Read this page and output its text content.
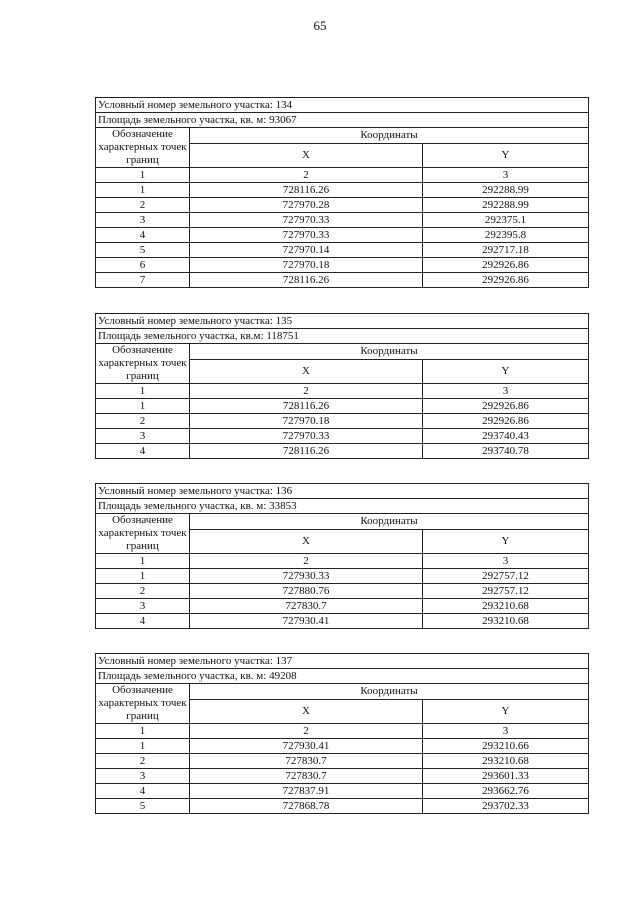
65
Условный номер земельного участка: 134		
Площадь земельного участка, кв. м: 93067		
Обозначение характерных точек границ	Координаты	
	X	Y
1	2	3
1	728116.26	292288.99
2	727970.28	292288.99
3	727970.33	292375.1
4	727970.33	292395.8
5	727970.14	292717.18
6	727970.18	292926.86
7	728116.26	292926.86
Условный номер земельного участка: 135		
Площадь земельного участка, кв.м: 118751		
Обозначение характерных точек границ	Координаты	
	X	Y
1	2	3
1	728116.26	292926.86
2	727970.18	292926.86
3	727970.33	293740.43
4	728116.26	293740.78
Условный номер земельного участка: 136		
Площадь земельного участка, кв. м: 33853		
Обозначение характерных точек границ	Координаты	
	X	Y
1	2	3
1	727930.33	292757.12
2	727880.76	292757.12
3	727830.7	293210.68
4	727930.41	293210.68
Условный номер земельного участка: 137		
Площадь земельного участка, кв. м: 49208		
Обозначение характерных точек границ	Координаты	
	X	Y
1	2	3
1	727930.41	293210.66
2	727830.7	293210.68
3	727830.7	293601.33
4	727837.91	293662.76
5	727868.78	293702.33
